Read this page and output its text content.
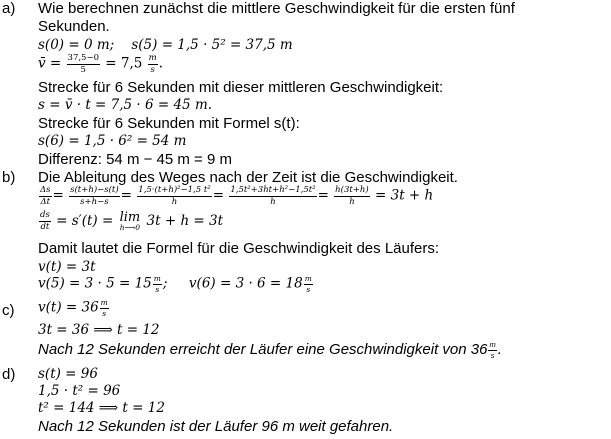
a) Wie berechnen zunächst die mittlere Geschwindigkeit für die ersten fünf
Sekunden.
s(0) = 0 m; s(5) = 1,5 · 5² = 37,5 m
v̄ = $\frac{37,5-0}{5} = 7,5 \frac{m}{s}$ .
Strecke für 6 Sekunden mit dieser mittleren Geschwindigkeit:
s = v̄ · t = 7,5 · 6 = 45 m.
Strecke für 6 Sekunden mit Formel s(t):
s(6) = 1,5 · 6² = 54 m
Differenz: 54 m − 45 m = 9 m
b) Die Ableitung des Weges nach der Zeit ist die Geschwindigkeit.
$\frac{\Delta s}{\Delta t} = \frac{s(t+h)-s(t)}{s+h-s} = \frac{\text{1,5·(t+h)²−1,5 t²}}{h} = \frac{\text{1,5t²+3ht+h²−1,5t²}}{h} = \frac{h(3t+h)}{h} = 3t + h$
$\frac{ds}{dt} = s'(t) = \lim$
h⟶0 3t + h = 3t
Damit lautet die Formel für die Geschwindigkeit des Läufers:
v(t) = 3t
$v(5) = 3 \cdot 5 = 15 \frac{m}{s}$ ;     $v(6) = 3 \cdot 6 = 18 \frac{m}{s}$
c) $v(t) = 36 \frac{m}{s}$
3t = 36 ⟹ t = 12
Nach 12 Sekunden erreicht der Läufer eine Geschwindigkeit von $36 \frac{m}{s}$ .
d) s(t) = 96
1,5 · t² = 96
t² = 144 ⟹ t = 12
Nach 12 Sekunden ist der Läufer 96 m weit gefahren.
